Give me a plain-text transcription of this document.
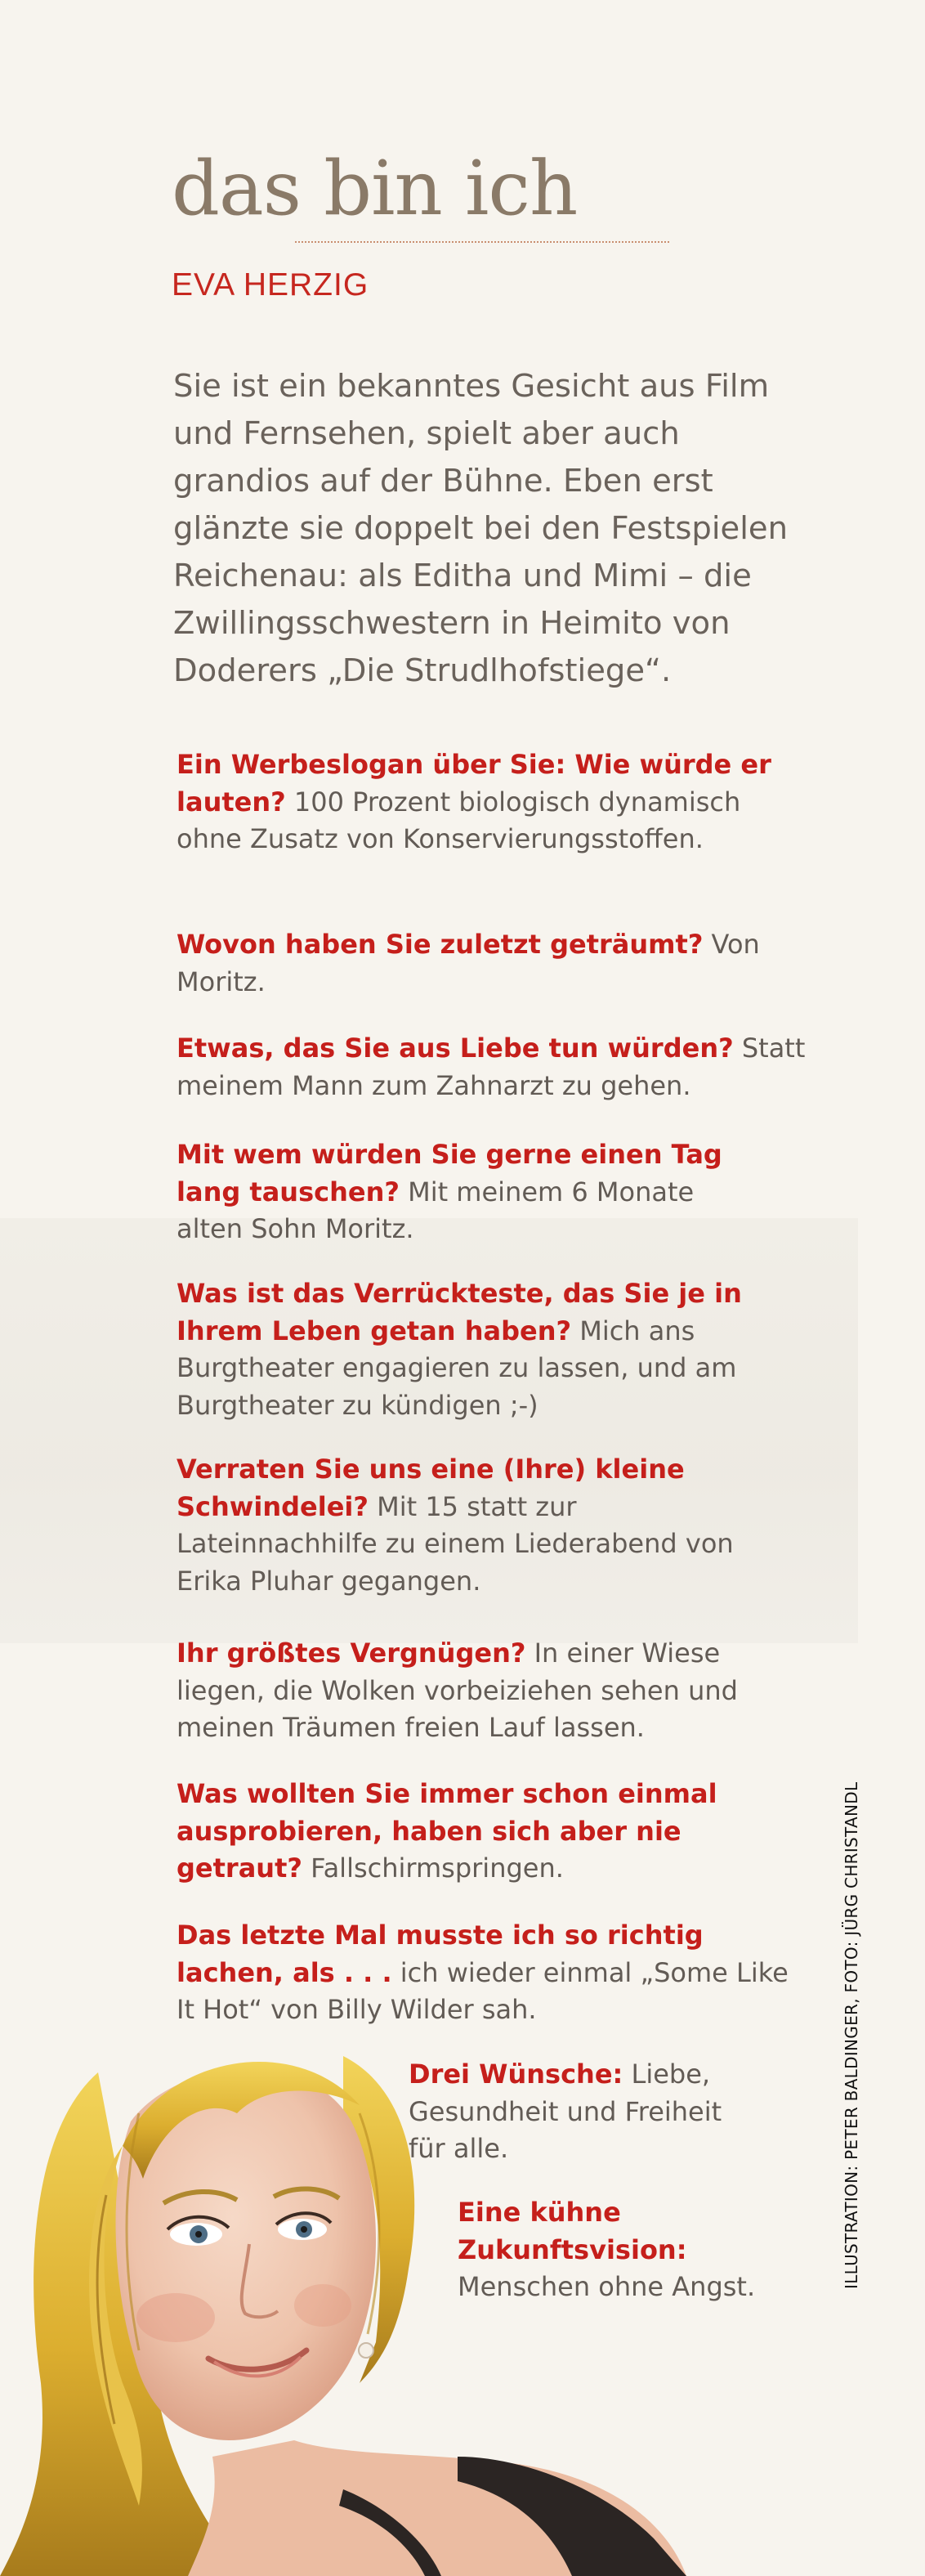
das bin ich
EVA HERZIG

Sie ist ein bekanntes Gesicht aus Film und Fernsehen, spielt aber auch grandios auf der Bühne. Eben erst glänzte sie doppelt bei den Festspielen Reichenau: als Editha und Mimi – die Zwillingsschwestern in Heimito von Doderers „Die Strudlhofstiege“.

Ein Werbeslogan über Sie: Wie würde er lauten? 100 Prozent biologisch dynamisch ohne Zusatz von Konservierungsstoffen.

Wovon haben Sie zuletzt geträumt? Von Moritz.

Etwas, das Sie aus Liebe tun würden? Statt meinem Mann zum Zahnarzt zu gehen.

Mit wem würden Sie gerne einen Tag lang tauschen? Mit meinem 6 Monate alten Sohn Moritz.

Was ist das Verrückteste, das Sie je in Ihrem Leben getan haben? Mich ans Burgtheater engagieren zu lassen, und am Burgtheater zu kündigen ;-)

Verraten Sie uns eine (Ihre) kleine Schwindelei? Mit 15 statt zur Lateinnachhilfe zu einem Liederabend von Erika Pluhar gegangen.

Ihr größtes Vergnügen? In einer Wiese liegen, die Wolken vorbeiziehen sehen und meinen Träumen freien Lauf lassen.

Was wollten Sie immer schon einmal ausprobieren, haben sich aber nie getraut? Fallschirmspringen.

Das letzte Mal musste ich so richtig lachen, als . . . ich wieder einmal „Some Like It Hot“ von Billy Wilder sah.

Drei Wünsche: Liebe, Gesundheit und Freiheit für alle.

Eine kühne Zukunftsvision: Menschen ohne Angst.	ILLUSTRATION: PETER BALDINGER, FOTO: JÜRG CHRISTANDL
